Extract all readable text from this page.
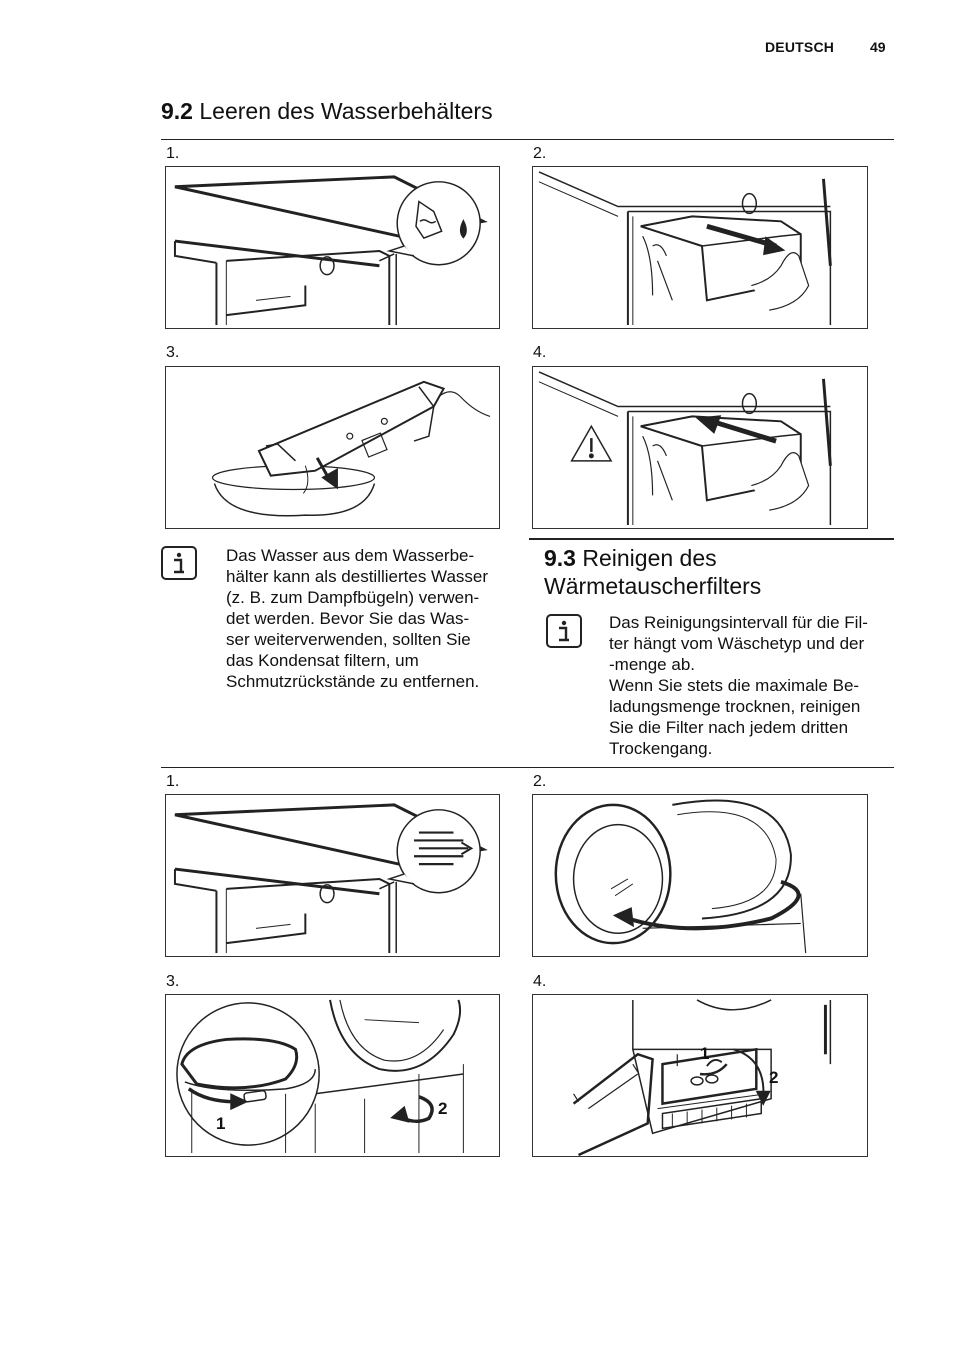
DEUTSCH	49
9.2 Leeren des Wasserbehälters
1.	2.
3.	4.
Das Wasser aus dem Wasserbe-
hälter kann als destilliertes Wasser
(z. B. zum Dampfbügeln) verwen-
det werden. Bevor Sie das Was-
ser weiterverwenden, sollten Sie
das Kondensat filtern, um
Schmutzrückstände zu entfernen.
9.3 Reinigen des
Wärmetauscherfilters
Das Reinigungsintervall für die Fil-
ter hängt vom Wäschetyp und der
-menge ab.
Wenn Sie stets die maximale Be-
ladungsmenge trocknen, reinigen
Sie die Filter nach jedem dritten
Trockengang.
1.	2.
3.	4.
1
2
1
2
